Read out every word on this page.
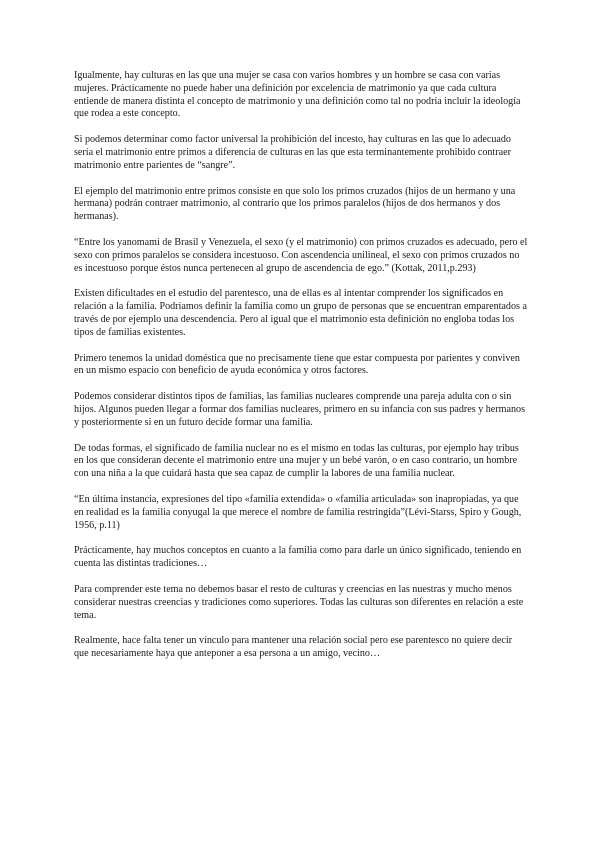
Igualmente, hay culturas en las que una mujer se casa con varios hombres y un hombre se casa con varias mujeres. Prácticamente no puede haber una definición por excelencia de matrimonio ya que cada cultura entiende de manera distinta el concepto de matrimonio y una definición como tal no podría incluir la ideología que rodea a este concepto.

Si podemos determinar como factor universal la prohibición del incesto, hay culturas en las que lo adecuado sería el matrimonio entre primos a diferencia de culturas en las que esta terminantemente prohibido contraer matrimonio entre parientes de “sangre”.

El ejemplo del matrimonio entre primos consiste en que solo los primos cruzados (hijos de un hermano y una hermana) podrán contraer matrimonio, al contrario que los primos paralelos (hijos de dos hermanos y dos hermanas).

“Entre los yanomami de Brasil y Venezuela, el sexo (y el matrimonio) con primos cruzados es adecuado, pero el sexo con primos paralelos se considera incestuoso. Con ascendencia unilineal, el sexo con primos cruzados no es incestuoso porque éstos nunca pertenecen al grupo de ascendencia de ego.” (Kottak, 2011,p.293)

Existen dificultades en el estudio del parentesco, una de ellas es al intentar comprender los significados en relación a la familia. Podríamos definir la familia como un grupo de personas que se encuentran emparentados a través de por ejemplo una descendencia. Pero al igual que el matrimonio esta definición no engloba todas los tipos de familias existentes.

Primero tenemos la unidad doméstica que no precisamente tiene que estar compuesta por parientes y conviven en un mismo espacio con beneficio de ayuda económica y otros factores.

Podemos considerar distintos tipos de familias, las familias nucleares comprende una pareja adulta con o sin hijos. Algunos pueden llegar a formar dos familias nucleares, primero en su infancia con sus padres y hermanos y posteriormente si en un futuro decide formar una familia.

De todas formas, el significado de familia nuclear no es el mismo en todas las culturas, por ejemplo hay tribus en los que consideran decente el matrimonio entre una mujer y un bebé varón, o en caso contrario, un hombre con una niña a la que cuidará hasta que sea capaz de cumplir la labores de una familia nuclear.

“En última instancia, expresiones del tipo «familia extendida» o «familia articulada» son inapropiadas, ya que en realidad es la familia conyugal la que merece el nombre de familia restringida”(Lévi-Starss, Spiro y Gough, 1956, p.11)

Prácticamente, hay muchos conceptos en cuanto a la familia como para darle un único significado, teniendo en cuenta las distintas tradiciones…

Para comprender este tema no debemos basar el resto de culturas y creencias en las nuestras y mucho menos considerar nuestras creencias y tradiciones como superiores. Todas las culturas son diferentes en relación a este tema.

Realmente, hace falta tener un vínculo para mantener una relación social pero ese parentesco no quiere decir que necesariamente haya que anteponer a esa persona a un amigo, vecino…
